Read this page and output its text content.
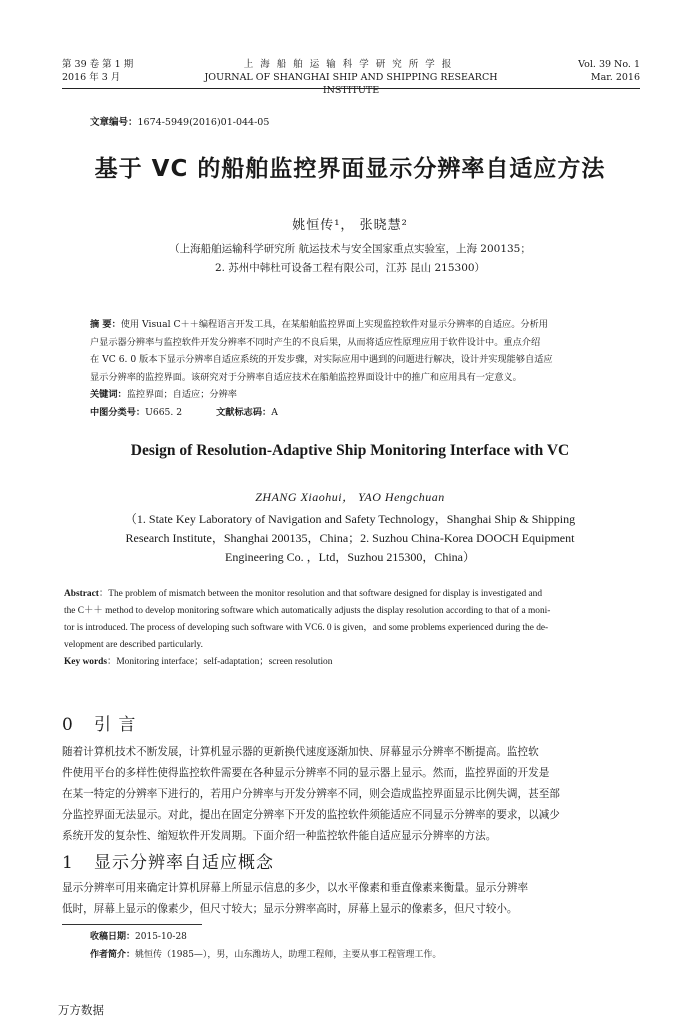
第 39 卷 第 1 期
2016 年 3 月
上海船舶运输科学研究所学报
JOURNAL OF SHANGHAI SHIP AND SHIPPING RESEARCH INSTITUTE
Vol. 39 No. 1
Mar. 2016
文章编号：1674-5949(2016)01-044-05
基于 VC 的船舶监控界面显示分辨率自适应方法
姚恒传¹， 张晓慧²
（上海船舶运输科学研究所 航运技术与安全国家重点实验室，上海 200135；
2. 苏州中韩杜可设备工程有限公司，江苏 昆山 215300）
摘 要：使用 Visual C＋＋编程语言开发工具，在某船舶监控界面上实现监控软件对显示分辨率的自适应。分析用
户显示器分辨率与监控软件开发分辨率不同时产生的不良后果，从而将适应性原理应用于软件设计中。重点介绍
在 VC 6. 0 版本下显示分辨率自适应系统的开发步骤，对实际应用中遇到的问题进行解决，设计并实现能够自适应
显示分辨率的监控界面。该研究对于分辨率自适应技术在船舶监控界面设计中的推广和应用具有一定意义。
关键词：监控界面；自适应；分辨率
中图分类号：U665. 2	文献标志码：A
Design of Resolution-Adaptive Ship Monitoring Interface with VC
ZHANG Xiaohui， YAO Hengchuan
（1. State Key Laboratory of Navigation and Safety Technology，Shanghai Ship & Shipping
Research Institute，Shanghai 200135，China；2. Suzhou China-Korea DOOCH Equipment
Engineering Co. ，Ltd，Suzhou 215300，China）
Abstract：The problem of mismatch between the monitor resolution and that software designed for display is investigated and
the C＋＋ method to develop monitoring software which automatically adjusts the display resolution according to that of a moni-
tor is introduced. The process of developing such software with VC6. 0 is given，and some problems experienced during the de-
velopment are described particularly.
Key words：Monitoring interface；self-adaptation；screen resolution
0 引 言
随着计算机技术不断发展，计算机显示器的更新换代速度逐渐加快、屏幕显示分辨率不断提高。监控软
件使用平台的多样性使得监控软件需要在各种显示分辨率不同的显示器上显示。然而，监控界面的开发是
在某一特定的分辨率下进行的，若用户分辨率与开发分辨率不同，则会造成监控界面显示比例失调，甚至部
分监控界面无法显示。对此，提出在固定分辨率下开发的监控软件须能适应不同显示分辨率的要求，以减少
系统开发的复杂性、缩短软件开发周期。下面介绍一种监控软件能自适应显示分辨率的方法。
1 显示分辨率自适应概念
显示分辨率可用来确定计算机屏幕上所显示信息的多少，以水平像素和垂直像素来衡量。显示分辨率
低时，屏幕上显示的像素少，但尺寸较大；显示分辨率高时，屏幕上显示的像素多，但尺寸较小。
收稿日期：2015-10-28
作者简介：姚恒传（1985—），男，山东潍坊人，助理工程师，主要从事工程管理工作。
万方数据
